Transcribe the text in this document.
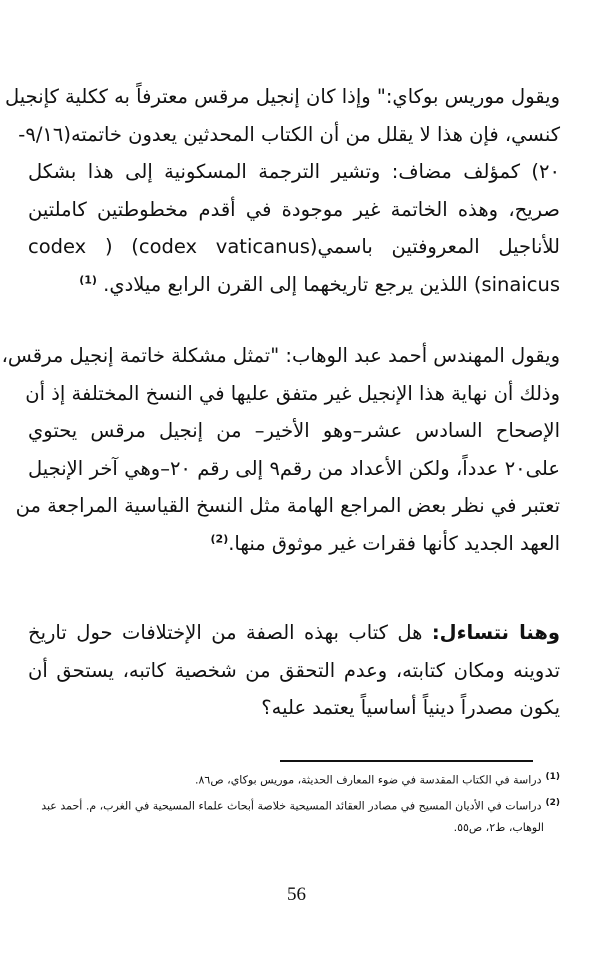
ويقول موريس بوكاي:" وإذا كان إنجيل مرقس معترفاً به ككلية كإنجيل
كنسي، فإن هذا لا يقلل من أن الكتاب المحدثين يعدون خاتمته(٩/١٦-
٢٠) كمؤلف مضاف: وتشير الترجمة المسكونية إلى هذا بشكل
صريح، وهذه الخاتمة غير موجودة في أقدم مخطوطتين كاملتين
للأناجيل المعروفتين باسمي(codex vaticanus) ( codex
sinaicus) اللذين يرجع تاريخهما إلى القرن الرابع ميلادي. $^{(1)}$
ويقول المهندس أحمد عبد الوهاب: "تمثل مشكلة خاتمة إنجيل مرقس،
وذلك أن نهاية هذا الإنجيل غير متفق عليها في النسخ المختلفة إذ أن
الإصحاح السادس عشر–وهو الأخير– من إنجيل مرقس يحتوي
على٢٠ عدداً، ولكن الأعداد من رقم٩ إلى رقم ٢٠–وهي آخر الإنجيل
تعتبر في نظر بعض المراجع الهامة مثل النسخ القياسية المراجعة من
العهد الجديد كأنها فقرات غير موثوق منها.$^{(2)}$
وهنا نتساءل: هل كتاب بهذه الصفة من الإختلافات حول تاريخ
تدوينه ومكان كتابته، وعدم التحقق من شخصية كاتبه، يستحق أن
يكون مصدراً دينياً أساسياً يعتمد عليه؟
$^{(1)}$دراسة في الكتاب المقدسة في ضوء المعارف الحديثة، موريس بوكاي، ص٨٦.
$^{(2)}$دراسات في الأديان المسيح في مصادر العقائد المسيحية خلاصة أبحاث علماء المسيحية في الغرب، م. أحمد عبد
الوهاب، ط٢، ص٥٥.
56
